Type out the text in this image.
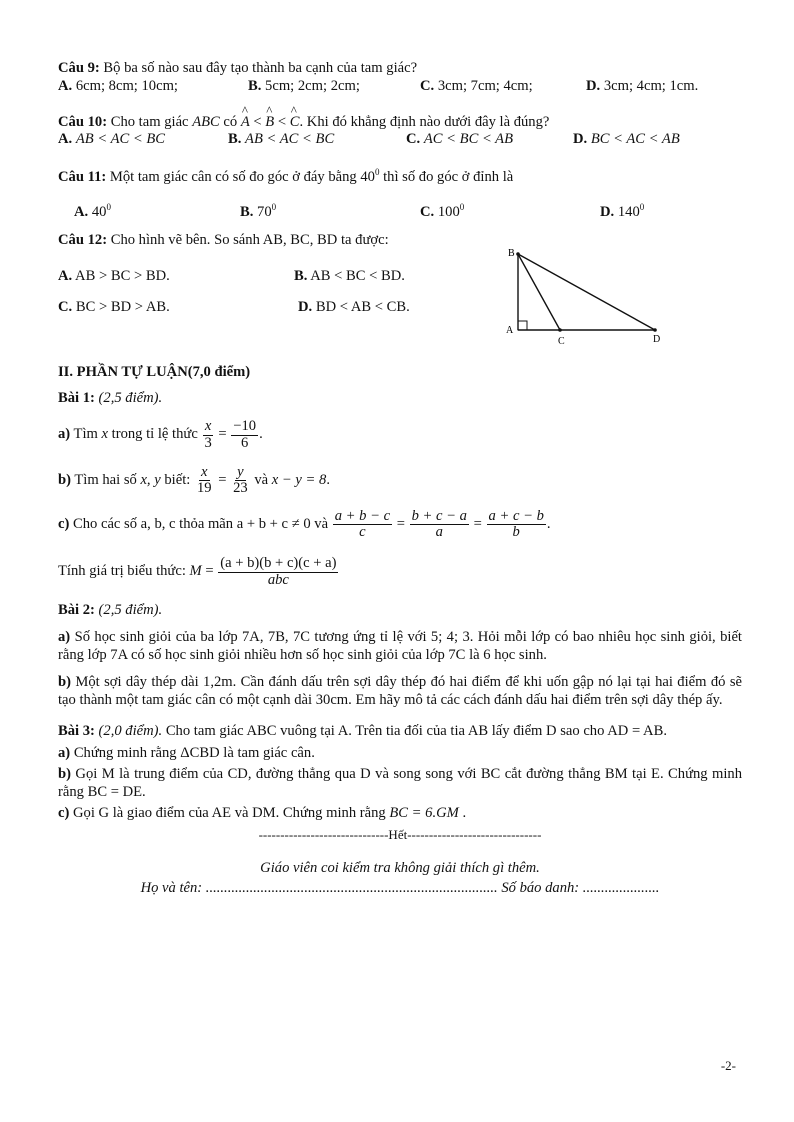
Câu 9: Bộ ba số nào sau đây tạo thành ba cạnh của tam giác?

A. 6cm; 8cm; 10cm;	B. 5cm; 2cm; 2cm;	C. 3cm; 7cm; 4cm;	D. 3cm; 4cm; 1cm.

Câu 10: Cho tam giác ABC có ^ A < ^ B < ^ C. Khi đó khẳng định nào dưới đây là đúng?

A. AB < AC < BC	B. AB < AC < BC	C. AC < BC < AB	D. BC < AC < AB

Câu 11: Một tam giác cân có số đo góc ở đáy bằng $40^0$ thì số đo góc ở đỉnh là

A. $40^0$	B. $70^0$	C. $100^0$	D. $140^0$

Câu 12: Cho hình vẽ bên. So sánh AB, BC, BD ta được:

A. AB > BC > BD.	B. AB < BC < BD.
C. BC > BD > AB.	D. BD < AB < CB.
B
A
C	D

II. PHẦN TỰ LUẬN(7,0 điểm)

Bài 1: (2,5 điểm).

a) Tìm x trong tỉ lệ thức $\frac{x}{3} = \frac{-10}{6}$ .

b) Tìm hai số x, y biết: $\frac{x}{19} = \frac{y}{23}$ và x − y = 8.

c) Cho các số a, b, c thỏa mãn a + b + c ≠ 0 và $\frac{a + b - c}{c} = \frac{b + c - a}{a} = \frac{a + c - b}{b}$ .

Tính giá trị biểu thức: $M = \frac{(a + b)(b + c)(c + a)}{\text{abc}}$

Bài 2: (2,5 điểm).

a) Số học sinh giỏi của ba lớp 7A, 7B, 7C tương ứng tỉ lệ với 5; 4; 3. Hỏi mỗi lớp có bao nhiêu học sinh giỏi, biết rằng lớp 7A có số học sinh giỏi nhiều hơn số học sinh giỏi của lớp 7C là 6 học sinh.

b) Một sợi dây thép dài 1,2m. Cần đánh dấu trên sợi dây thép đó hai điểm để khi uốn gập nó lại tại hai điểm đó sẽ tạo thành một tam giác cân có một cạnh dài 30cm. Em hãy mô tả các cách đánh dấu hai điểm trên sợi dây thép ấy.

Bài 3: (2,0 điểm). Cho tam giác ABC vuông tại A. Trên tia đối của tia AB lấy điểm D sao cho AD = AB.

a) Chứng minh rằng ΔCBD là tam giác cân.

b) Gọi M là trung điểm của CD, đường thẳng qua D và song song với BC cắt đường thẳng BM tại E. Chứng minh rằng BC = DE.

c) Gọi G là giao điểm của AE và DM. Chứng minh rằng BC = 6.GM .

------------------------------Hết-------------------------------

Giáo viên coi kiểm tra không giải thích gì thêm.

Họ và tên: ................................................................................ Số báo danh: .....................

-2-
